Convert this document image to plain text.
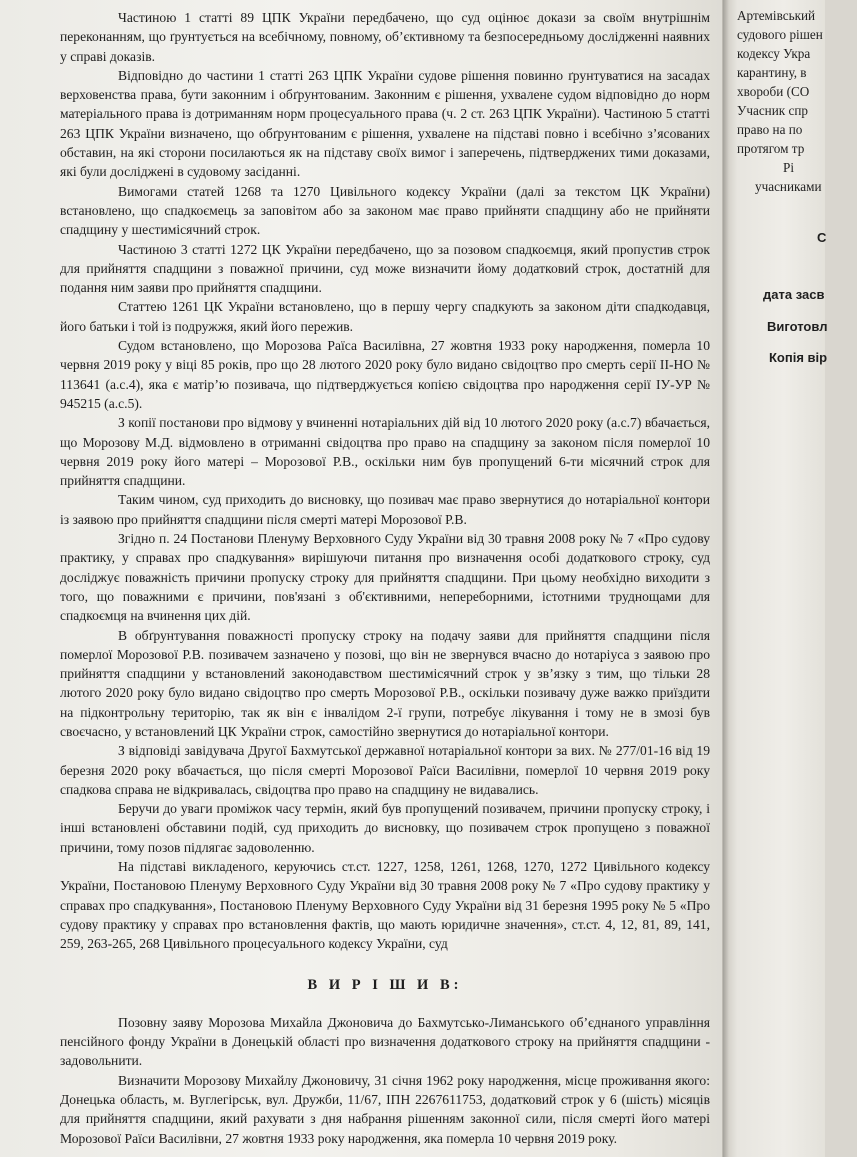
Частиною 1 статті 89 ЦПК України передбачено, що суд оцінює докази за своїм внутрішнім переконанням, що ґрунтується на всебічному, повному, об’єктивному та безпосередньому дослідженні наявних у справі доказів.

Відповідно до частини 1 статті 263 ЦПК України судове рішення повинно ґрунтуватися на засадах верховенства права, бути законним і обґрунтованим. Законним є рішення, ухвалене судом відповідно до норм матеріального права із дотриманням норм процесуального права (ч. 2 ст. 263 ЦПК України). Частиною 5 статті 263 ЦПК України визначено, що обґрунтованим є рішення, ухвалене на підставі повно і всебічно з’ясованих обставин, на які сторони посилаються як на підставу своїх вимог і заперечень, підтверджених тими доказами, які були досліджені в судовому засіданні.

Вимогами статей 1268 та 1270 Цивільного кодексу України (далі за текстом ЦК України) встановлено, що спадкоємець за заповітом або за законом має право прийняти спадщину або не прийняти спадщину у шестимісячний строк.

Частиною 3 статті 1272 ЦК України передбачено, що за позовом спадкоємця, який пропустив строк для прийняття спадщини з поважної причини, суд може визначити йому додатковий строк, достатній для подання ним заяви про прийняття спадщини.

Статтею 1261 ЦК України встановлено, що в першу чергу спадкують за законом діти спадкодавця, його батьки і той із подружжя, який його пережив.

Судом встановлено, що Морозова Раїса Василівна, 27 жовтня 1933 року народження, померла 10 червня 2019 року у віці 85 років, про що 28 лютого 2020 року було видано свідоцтво про смерть серії ІІ-НО № 113641 (а.с.4), яка є матір’ю позивача, що підтверджується копією свідоцтва про народження серії ІУ-УР № 945215 (а.с.5).

З копії постанови про відмову у вчиненні нотаріальних дій від 10 лютого 2020 року (а.с.7) вбачається, що Морозову М.Д. відмовлено в отриманні свідоцтва про право на спадщину за законом після померлої 10 червня 2019 року його матері – Морозової Р.В., оскільки ним був пропущений 6-ти місячний строк для прийняття спадщини.

Таким чином, суд приходить до висновку, що позивач має право звернутися до нотаріальної контори із заявою про прийняття спадщини після смерті матері Морозової Р.В.

Згідно п. 24 Постанови Пленуму Верховного Суду України від 30 травня 2008 року № 7 «Про судову практику, у справах про спадкування» вирішуючи питання про визначення особі додаткового строку, суд досліджує поважність причини пропуску строку для прийняття спадщини. При цьому необхідно виходити з того, що поважними є причини, пов'язані з об'єктивними, непереборними, істотними труднощами для спадкоємця на вчинення цих дій.

В обґрунтування поважності пропуску строку на подачу заяви для прийняття спадщини після померлої Морозової Р.В. позивачем зазначено у позові, що він не звернувся вчасно до нотаріуса з заявою про прийняття спадщини у встановлений законодавством шестимісячний строк у зв’язку з тим, що тільки 28 лютого 2020 року було видано свідоцтво про смерть Морозової Р.В., оскільки позивачу дуже важко приїздити на підконтрольну територію, так як він є інвалідом 2-ї групи, потребує лікування і тому не в змозі був своєчасно, у встановлений ЦК України строк, самостійно звернутися до нотаріальної контори.

З відповіді завідувача Другої Бахмутської державної нотаріальної контори за вих. № 277/01-16 від 19 березня 2020 року вбачається, що після смерті Морозової Раїси Василівни, померлої 10 червня 2019 року спадкова справа не відкривалась, свідоцтва про право на спадщину не видавались.

Беручи до уваги проміжок часу термін, який був пропущений позивачем, причини пропуску строку, і інші встановлені обставини подій, суд приходить до висновку, що позивачем строк пропущено з поважної причини, тому позов підлягає задоволенню.

На підставі викладеного, керуючись ст.ст. 1227, 1258, 1261, 1268, 1270, 1272 Цивільного кодексу України, Постановою Пленуму Верховного Суду України від 30 травня 2008 року № 7 «Про судову практику у справах про спадкування», Постановою Пленуму Верховного Суду України від 31 березня 1995 року № 5 «Про судову практику у справах про встановлення фактів, що мають юридичне значення», ст.ст. 4, 12, 81, 89, 141, 259, 263-265, 268 Цивільного процесуального кодексу України, суд

В И Р І Ш И В:

Позовну заяву Морозова Михайла Джоновича до Бахмутсько-Лиманського об’єднаного управління пенсійного фонду України в Донецькій області про визначення додаткового строку на прийняття спадщини - задовольнити.

Визначити Морозову Михайлу Джоновичу, 31 січня 1962 року народження, місце проживання якого: Донецька область, м. Вуглегірськ, вул. Дружби, 11/67, ІПН 2267611753, додатковий строк у 6 (шість) місяців для прийняття спадщини, який рахувати з дня набрання рішенням законної сили, після смерті його матері Морозової Раїси Василівни, 27 жовтня 1933 року народження, яка померла 10 червня 2019 року.

Артемівський
судового рішен
кодексу Укра
карантину, в
хвороби (СО
Учасник спр
право на по
протягом тр
Рі
учасниками
С
дата засв
Виготовл
Копія вір
